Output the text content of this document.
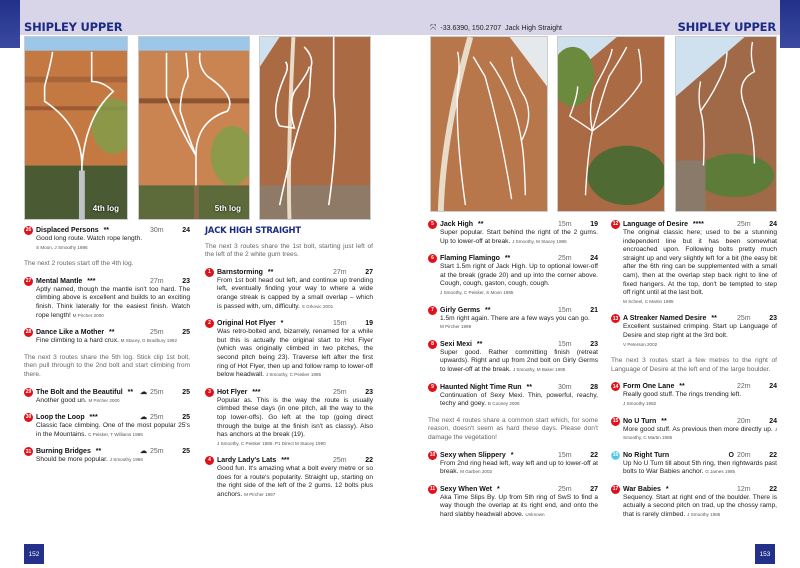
SHIPLEY UPPER
4th log	5th log
26 Displaced Persons **	30m	24
Good long route. Watch rope length.
S Moon, J Smoothy 1986
The next 2 routes start off the 4th log.
27 Mental Mantle ***	27m	23
Aptly named, though the mantle isn't too hard. The climbing above is excellent and builds to an exciting finish. Think laterally for the easiest finish. Watch rope length! M Pircher 2000
28 Dance Like a Mother **	25m	25
Fine climbing to a hard crux. M Stacey, G Bradbury 1992
The next 3 routes share the 5th log. Stick clip 1st bolt, then pull through to the 2nd bolt and start climbing from there.
29 The Bolt and the Beautiful ** ☁ 25m	25
Another good un. M Pircher 2000
30 Loop the Loop ***	☁ 25m	25
Classic face climbing. One of the most popular 25's in the Mountains. C Peisker, T Williams 1986
31 Burning Bridges **	☁ 25m	25
Should be more popular. J Smoothy 1986
JACK HIGH STRAIGHT
The next 3 routes share the 1st bolt, starting just left of the left of the 2 white gum trees.
1 Barnstorming **	27m	27
From 1st bolt head out left, and continue up trending left, eventually finding your way to where a wide orange streak is capped by a small overlap – which is passed with, um, difficulty. S Grkovic 2001
2 Original Hot Flyer *	15m	19
Was retro-bolted and, bizarrely, renamed for a while but this is actually the original start to Hot Flyer (which was originally climbed in two pitches, the second pitch being 23). Traverse left after the first ring of Hot Flyer, then up and follow ramp to lower-off below headwall. J Smoothy, C Peisker 1985
3 Hot Flyer ***	25m	23
Popular as. This is the way the route is usually climbed these days (in one pitch, all the way to the top lower-offs). Go left at the top (going direct through the bulge at the finish isn't as classy). Also has anchors at the break (19).
J Smoothy, C Peisker 1985. P1 Direct M Stacey 1990
4 Lardy Lady's Lats ***	25m	22
Good fun. It's amazing what a bolt every metre or so does for a route's popularity. Straight up, starting on the right side of the left of the 2 gums. 12 bolts plus anchors. M Pircher 1997
152
⤧ -33.6390, 150.2707 Jack High Straight	SHIPLEY UPPER
5 Jack High **	15m	19
Super popular. Start behind the right of the 2 gums. Up to lower-off at break. J Smoothy, M Stacey 1986
6 Flaming Flamingo **	25m	24
Start 1.5m right of Jack High. Up to optional lower-off at the break (grade 20) and up into the corner above. Cough, cough, gaston, cough, cough.
J Smoothy, C Peisker, S Moon 1985
7 Girly Germs **	15m	21
1.5m right again. There are a few ways you can go.
M Pircher 1999
8 Sexi Mexi **	15m	23
Super good. Rather committing finish (retreat upwards). Right and up from 2nd bolt on Girly Germs to lower-off at the break. J Smoothy, M Baker 1985
9 Haunted Night Time Run **	30m	28
Continuation of Sexy Mexi. Thin, powerful, reachy, techy and goey. B Cooney 2006
The next 4 routes share a common start which, for some reason, doesn't seem as hard these days. Please don't damage the vegetation!
10 Sexy when Slippery *	15m	22
From 2nd ring head left, way left and up to lower-off at break. M Garben 2002
11 Sexy When Wet *	25m	27
Aka Time Slips By. Up from 5th ring of SwS to find a way though the overlap at its right end, and onto the hard slabby headwall above. Unknown
12 Language of Desire ****	25m	24
The original classic here; used to be a stunning independent line but it has been somewhat encroached upon. Following bolts pretty much straight up and very slightly left for a bit (the easy bit after the 6th ring can be supplemented with a small cam), then at the overlap step back right to line of fixed hangers. At the top, don't be tempted to step off right until at the last bolt.
M Scheel, C Martin 1985
13 A Streaker Named Desire **	25m	23
Excellent sustained crimping. Start up Language of Desire and step right at the 3rd bolt.
V Peterson 2002
The next 3 routes start a few metres to the right of Language of Desire at the left end of the large boulder.
14 Form One Lane **	22m	24
Really good stuff. The rings trending left.
J Smoothy 1982
15 No U Turn **	20m	24
More good stuff. As previous then more directly up. J Smoothy, C Martin 1985
16 No Right Turn	O 20m	22
Up No U Turn till about 5th ring, then rightwards past bolts to War Babies anchor. G James 1985
17 War Babies *	12m	22
Sequency. Start at right end of the boulder. There is actually a second pitch on trad, up the chossy ramp, that is rarely climbed. J Smoothy 1985
153
